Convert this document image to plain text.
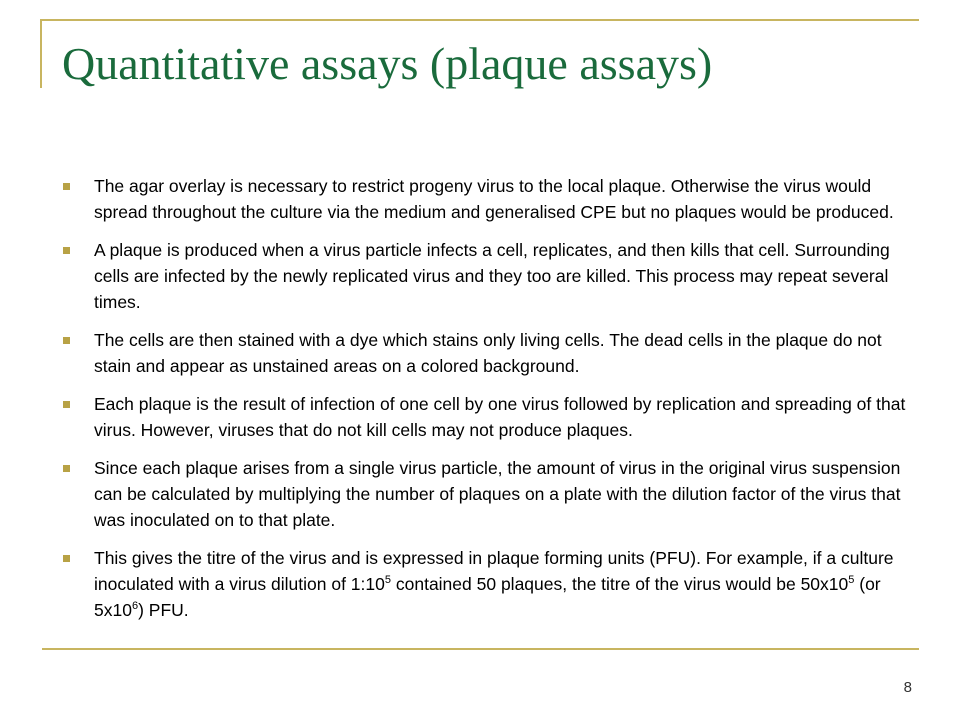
Quantitative assays (plaque assays)
The agar overlay is necessary to restrict progeny virus to the local plaque. Otherwise the virus would spread throughout the culture via the medium and generalised CPE but no plaques would be produced.
A plaque is produced when a virus particle infects a cell, replicates, and then kills that cell. Surrounding cells are infected by the newly replicated virus and they too are killed. This process may repeat several times.
The cells are then stained with a dye which stains only living cells. The dead cells in the plaque do not stain and appear as unstained areas on a colored background.
Each plaque is the result of infection of one cell by one virus followed by replication and spreading of that virus. However, viruses that do not kill cells may not produce plaques.
Since each plaque arises from a single virus particle, the amount of virus in the original virus suspension can be calculated by multiplying the number of plaques on a plate with the dilution factor of the virus that was inoculated on to that plate.
This gives the titre of the virus and is expressed in plaque forming units (PFU). For example, if a culture inoculated with a virus dilution of $1:10^5$ contained 50 plaques, the titre of the virus would be $50x10^5$ (or $5x10^6$) PFU.
8
